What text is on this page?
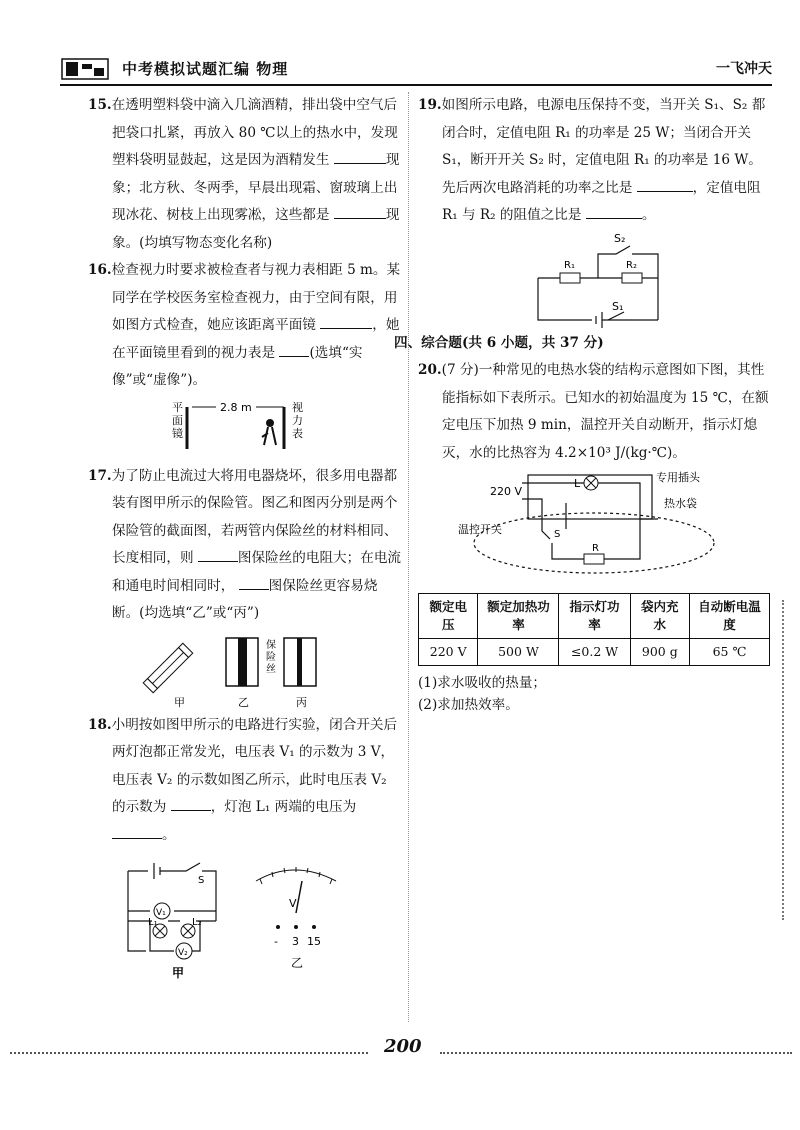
中考模拟试题汇编 物理	一飞冲天

15.在透明塑料袋中滴入几滴酒精，排出袋中空气后把袋口扎紧，再放入 80 ℃以上的热水中，发现塑料袋明显鼓起，这是因为酒精发生	现象；北方秋、冬两季，早晨出现霜、窗玻璃上出现冰花、树枝上出现雾凇，这些都是	现象。(均填写物态变化名称)

16.检查视力时要求被检查者与视力表相距 5 m。某同学在学校医务室检查视力，由于空间有限，用如图方式检查，她应该距离平面镜	，她在平面镜里看到的视力表是	(选填“实像”或“虚像”)。

平面镜
2.8 m	视力表

17.为了防止电流过大将用电器烧坏，很多用电器都装有图甲所示的保险管。图乙和图丙分别是两个保险管的截面图，若两管内保险丝的材料相同、长度相同，则	图保险丝的电阻大；在电流和通电时间相同时，	图保险丝更容易烧断。(均选填“乙”或“丙”)

保险丝
甲	乙	丙

18.小明按如图甲所示的电路进行实验，闭合开关后两灯泡都正常发光，电压表 V₁ 的示数为 3 V，电压表 V₂ 的示数如图乙所示，此时电压表 V₂ 的示数为	，灯泡 L₁ 两端的电压为 。

V₁
L₁	L₂
V₂
S
甲
V
- 3 15
乙

19.如图所示电路，电源电压保持不变，当开关 S₁、S₂ 都闭合时，定值电阻 R₁ 的功率是 25 W；当闭合开关 S₁，断开开关 S₂ 时，定值电阻 R₁ 的功率是 16 W。先后两次电路消耗的功率之比是	，定值电阻 R₁ 与 R₂ 的阻值之比是	。

S₂
R₁	R₂
S₁

四、综合题(共 6 小题，共 37 分)

20.(7 分)一种常见的电热水袋的结构示意图如下图，其性能指标如下表所示。已知水的初始温度为 15 ℃，在额定电压下加热 9 min，温控开关自动断开，指示灯熄灭，水的比热容为 4.2×10³ J/(kg·℃)。

220 V
L	专用插头
热水袋
温控开关	S
R
额定电压	额定加热功率	指示灯功率	袋内充水	自动断电温度
220 V	500 W	≤0.2 W	900 g	65 ℃

(1)求水吸收的热量；

(2)求加热效率。

200
